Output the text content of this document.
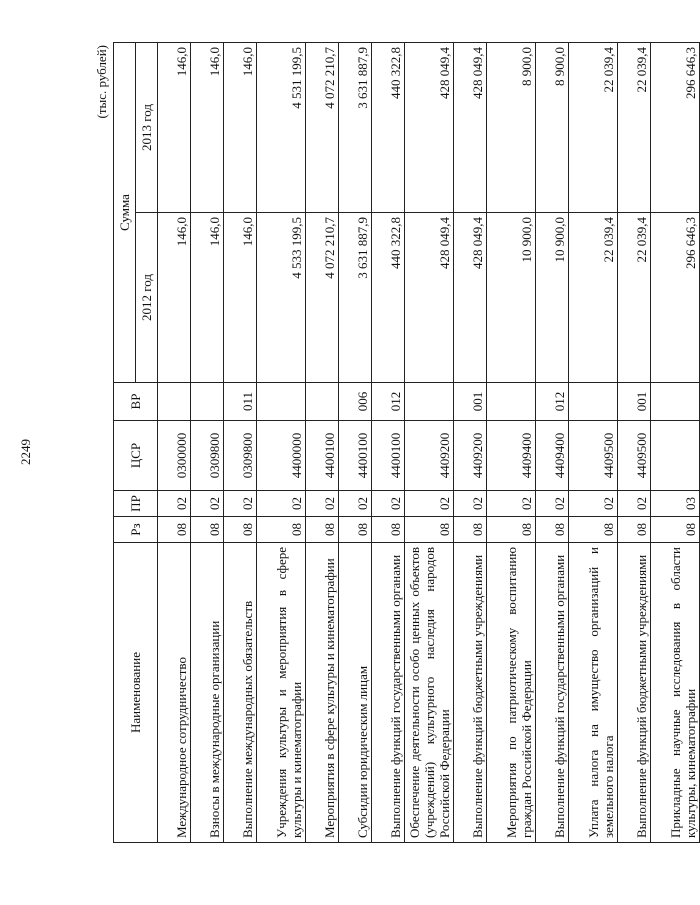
2249
(тыс. рублей)
Наименование	Рз	ПР	ЦСР	ВР	Сумма	
					2012 год	2013 год
Международное сотрудничество	08	02	0300000		146,0	146,0
Взносы в международные организации	08	02	0309800		146,0	146,0
Выполнение международных обязательств	08	02	0309800	011	146,0	146,0
Учреждения культуры и мероприятия в сфере культуры и кинематографии	08	02	4400000		4 533 199,5	4 531 199,5
Мероприятия в сфере культуры и кинематографии	08	02	4400100		4 072 210,7	4 072 210,7
Субсидии юридическим лицам	08	02	4400100	006	3 631 887,9	3 631 887,9
Выполнение функций государственными органами	08	02	4400100	012	440 322,8	440 322,8
Обеспечение деятельности особо ценных объектов (учреждений) культурного наследия народов Российской Федерации	08	02	4409200		428 049,4	428 049,4
Выполнение функций бюджетными учреждениями	08	02	4409200	001	428 049,4	428 049,4
Мероприятия по патриотическому воспитанию граждан Российской Федерации	08	02	4409400		10 900,0	8 900,0
Выполнение функций государственными органами	08	02	4409400	012	10 900,0	8 900,0
Уплата налога на имущество организаций и земельного налога	08	02	4409500		22 039,4	22 039,4
Выполнение функций бюджетными учреждениями	08	02	4409500	001	22 039,4	22 039,4
Прикладные научные исследования в области культуры, кинематографии	08	03			296 646,3	296 646,3
